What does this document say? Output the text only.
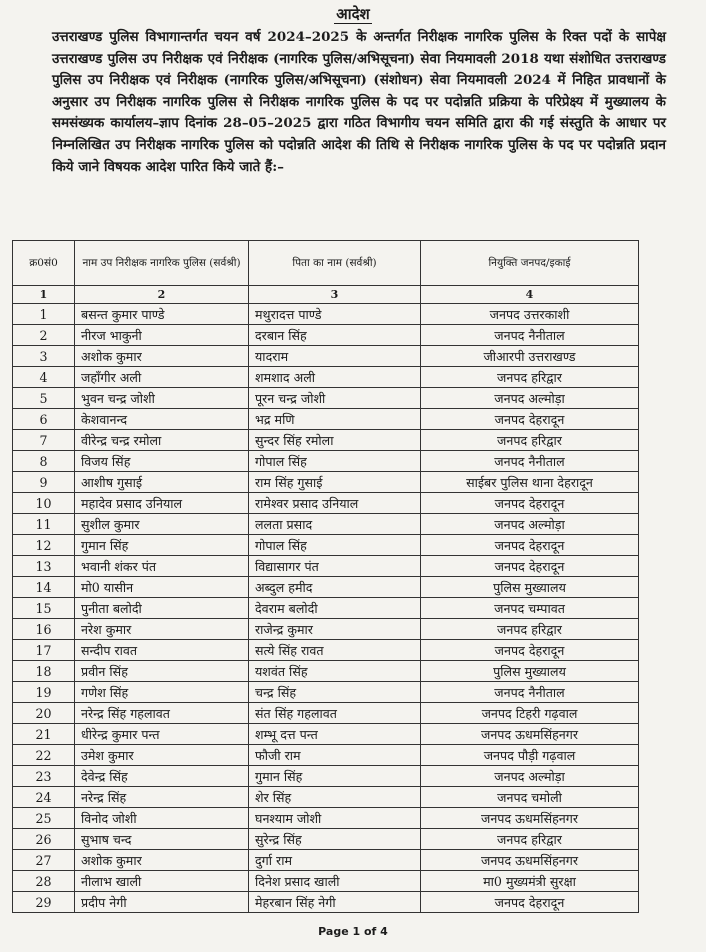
आदेश
उत्तराखण्ड पुलिस विभागान्तर्गत चयन वर्ष 2024–2025 के अन्तर्गत निरीक्षक नागरिक पुलिस के रिक्त पदों के सापेक्ष उत्तराखण्ड पुलिस उप निरीक्षक एवं निरीक्षक (नागरिक पुलिस/अभिसूचना) सेवा नियमावली 2018 यथा संशोधित उत्तराखण्ड पुलिस उप निरीक्षक एवं निरीक्षक (नागरिक पुलिस/अभिसूचना) (संशोधन) सेवा नियमावली 2024 में निहित प्रावधानों के अनुसार उप निरीक्षक नागरिक पुलिस से निरीक्षक नागरिक पुलिस के पद पर पदोन्नति प्रक्रिया के परिप्रेक्ष्य में मुख्यालय के समसंख्यक कार्यालय–ज्ञाप दिनांक 28–05–2025 द्वारा गठित विभागीय चयन समिति द्वारा की गई संस्तुति के आधार पर निम्नलिखित उप निरीक्षक नागरिक पुलिस को पदोन्नति आदेश की तिथि से निरीक्षक नागरिक पुलिस के पद पर पदोन्नति प्रदान किये जाने विषयक आदेश पारित किये जाते हैं:–
क्र0सं0	नाम उप निरीक्षक नागरिक पुलिस (सर्वश्री)	पिता का नाम (सर्वश्री)	नियुक्ति जनपद/इकाई
1	2	3	4
1	बसन्त कुमार पाण्डे	मथुरादत्त पाण्डे	जनपद उत्तरकाशी
2	नीरज भाकुनी	दरबान सिंह	जनपद नैनीताल
3	अशोक कुमार	यादराम	जीआरपी उत्तराखण्ड
4	जहाँगीर अली	शमशाद अली	जनपद हरिद्वार
5	भुवन चन्द्र जोशी	पूरन चन्द्र जोशी	जनपद अल्मोड़ा
6	केशवानन्द	भद्र मणि	जनपद देहरादून
7	वीरेन्द्र चन्द्र रमोला	सुन्दर सिंह रमोला	जनपद हरिद्वार
8	विजय सिंह	गोपाल सिंह	जनपद नैनीताल
9	आशीष गुसाई	राम सिंह गुसाई	साईबर पुलिस थाना देहरादून
10	महादेव प्रसाद उनियाल	रामेश्वर प्रसाद उनियाल	जनपद देहरादून
11	सुशील कुमार	ललता प्रसाद	जनपद अल्मोड़ा
12	गुमान सिंह	गोपाल सिंह	जनपद देहरादून
13	भवानी शंकर पंत	विद्यासागर पंत	जनपद देहरादून
14	मो0 यासीन	अब्दुल हमीद	पुलिस मुख्यालय
15	पुनीता बलोदी	देवराम बलोदी	जनपद चम्पावत
16	नरेश कुमार	राजेन्द्र कुमार	जनपद हरिद्वार
17	सन्दीप रावत	सत्ये सिंह रावत	जनपद देहरादून
18	प्रवीन सिंह	यशवंत सिंह	पुलिस मुख्यालय
19	गणेश सिंह	चन्द्र सिंह	जनपद नैनीताल
20	नरेन्द्र सिंह गहलावत	संत सिंह गहलावत	जनपद टिहरी गढ़वाल
21	धीरेन्द्र कुमार पन्त	शम्भू दत्त पन्त	जनपद ऊधमसिंहनगर
22	उमेश कुमार	फौजी राम	जनपद पौड़ी गढ़वाल
23	देवेन्द्र सिंह	गुमान सिंह	जनपद अल्मोड़ा
24	नरेन्द्र सिंह	शेर सिंह	जनपद चमोली
25	विनोद जोशी	घनश्याम जोशी	जनपद ऊधमसिंहनगर
26	सुभाष चन्द	सुरेन्द्र सिंह	जनपद हरिद्वार
27	अशोक कुमार	दुर्गा राम	जनपद ऊधमसिंहनगर
28	नीलाभ खाली	दिनेश प्रसाद खाली	मा0 मुख्यमंत्री सुरक्षा
29	प्रदीप नेगी	मेहरबान सिंह नेगी	जनपद देहरादून
Page 1 of 4
